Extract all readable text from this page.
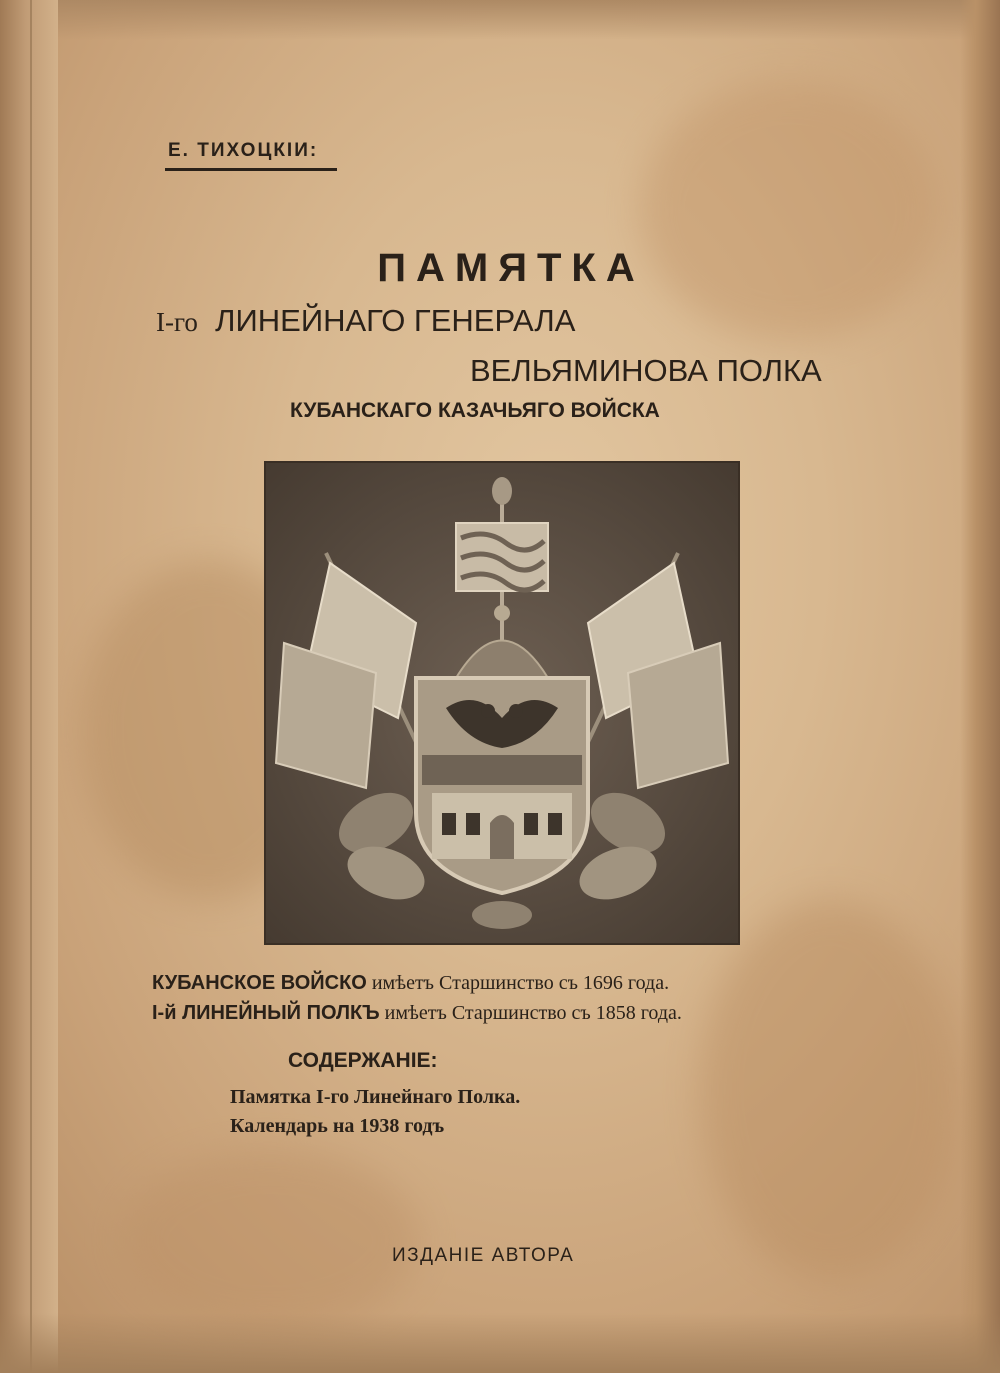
Е. ТИХОЦКІИ:
ПАМЯТКА
I-го ЛИНЕЙНАГО ГЕНЕРАЛА
ВЕЛЬЯМИНОВА ПОЛКА
КУБАНСКАГО КАЗАЧЬЯГО ВОЙСКА
КУБАНСКОЕ ВОЙСКО имѣетъ Старшинство съ 1696 года.
I-й ЛИНЕЙНЫЙ ПОЛКЪ имѣетъ Старшинство съ 1858 года.
СОДЕРЖАНІЕ:
Памятка I-го Линейнаго Полка.
Календарь на 1938 годъ
ИЗДАНІЕ АВТОРА
